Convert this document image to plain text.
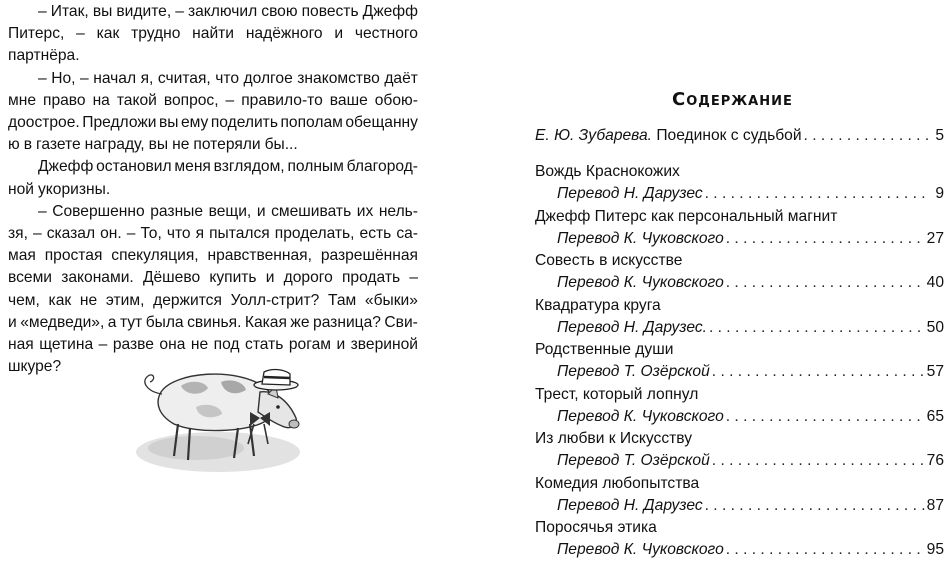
– Итак, вы видите, – заключил свою повесть Джефф
Питерс, – как трудно найти надёжного и честного
партнёра.
– Но, – начал я, считая, что долгое знакомство даёт
мне право на такой вопрос, – правило-то ваше обою-
доостроe. Предложи вы ему поделить пополам обещанну
ю в газете награду, вы не потеряли бы...
Джефф остановил меня взглядом, полным благород-
ной укоризны.
– Совершенно разные вещи, и смешивать их нель-
зя, – сказал он. – То, что я пытался проделать, есть са-
мая простая спекуляция, нравственная, разрешённая
всеми законами. Дёшево купить и дорого продать –
чем, как не этим, держится Уолл-стрит? Там «быки»
и «медведи», а тут была свинья. Какая же разница? Сви-
ная щетина – разве она не под стать рогам и звериной
шкуре?
Содержание
Е. Ю. Зубарева.
Поединок с судьбой . . .	5
Вождь Краснокожих
Перевод Н. Дарузес . . .	9
Джефф Питерс как персональный магнит
Перевод К. Чуковского . . .	27
Совесть в искусстве
Перевод К. Чуковского . . .	40
Квадратура круга
Перевод Н. Дарузес. . . .	50
Родственные души
Перевод Т. Озёрской . . .	57
Трест, который лопнул
Перевод К. Чуковского . . .	65
Из любви к Искусству
Перевод Т. Озёрской . . .	76
Комедия любопытства
Перевод Н. Дарузес . . .	87
Поросячья этика
Перевод К. Чуковского . . .	95
